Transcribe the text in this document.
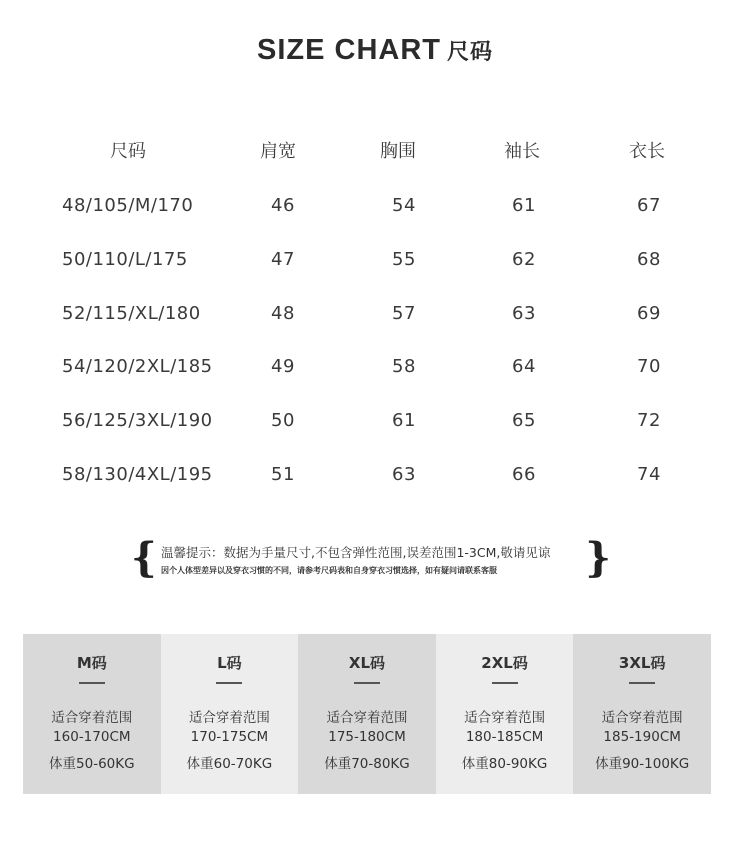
SIZE CHART 尺码
尺码	肩宽	胸围	袖长	衣长
48/105/M/170	46	54	61	67
50/110/L/175	47	55	62	68
52/115/XL/180	48	57	63	69
54/120/2XL/185	49	58	64	70
56/125/3XL/190	50	61	65	72
58/130/4XL/195	51	63	66	74
{ 温馨提示：数据为手量尺寸,不包含弹性范围,误差范围1-3CM,敬请见谅
因个人体型差异以及穿衣习惯的不同，请参考尺码表和自身穿衣习惯选择，如有疑问请联系客服 }
M码
适合穿着范围
160-170CM
体重50-60KG
L码
适合穿着范围
170-175CM
体重60-70KG
XL码
适合穿着范围
175-180CM
体重70-80KG
2XL码
适合穿着范围
180-185CM
体重80-90KG
3XL码
适合穿着范围
185-190CM
体重90-100KG
